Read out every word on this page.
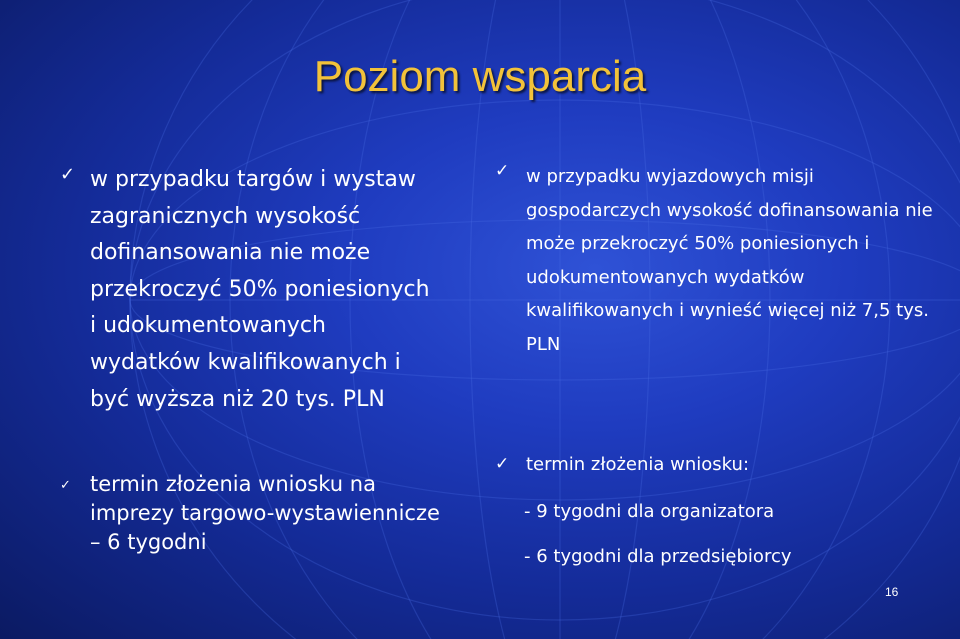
Poziom wsparcia
✓ w przypadku targów i wystaw zagranicznych wysokość dofinansowania nie może przekroczyć 50% poniesionych i udokumentowanych wydatków kwalifikowanych i być wyższa niż 20 tys. PLN
✓ w przypadku wyjazdowych misji gospodarczych wysokość dofinansowania nie może przekroczyć 50% poniesionych i udokumentowanych wydatków kwalifikowanych i wynieść więcej niż 7,5 tys. PLN
✓ termin złożenia wniosku na imprezy targowo-wystawiennicze – 6 tygodni
✓ termin złożenia wniosku:
- 9 tygodni dla organizatora
- 6 tygodni dla przedsiębiorcy
16
